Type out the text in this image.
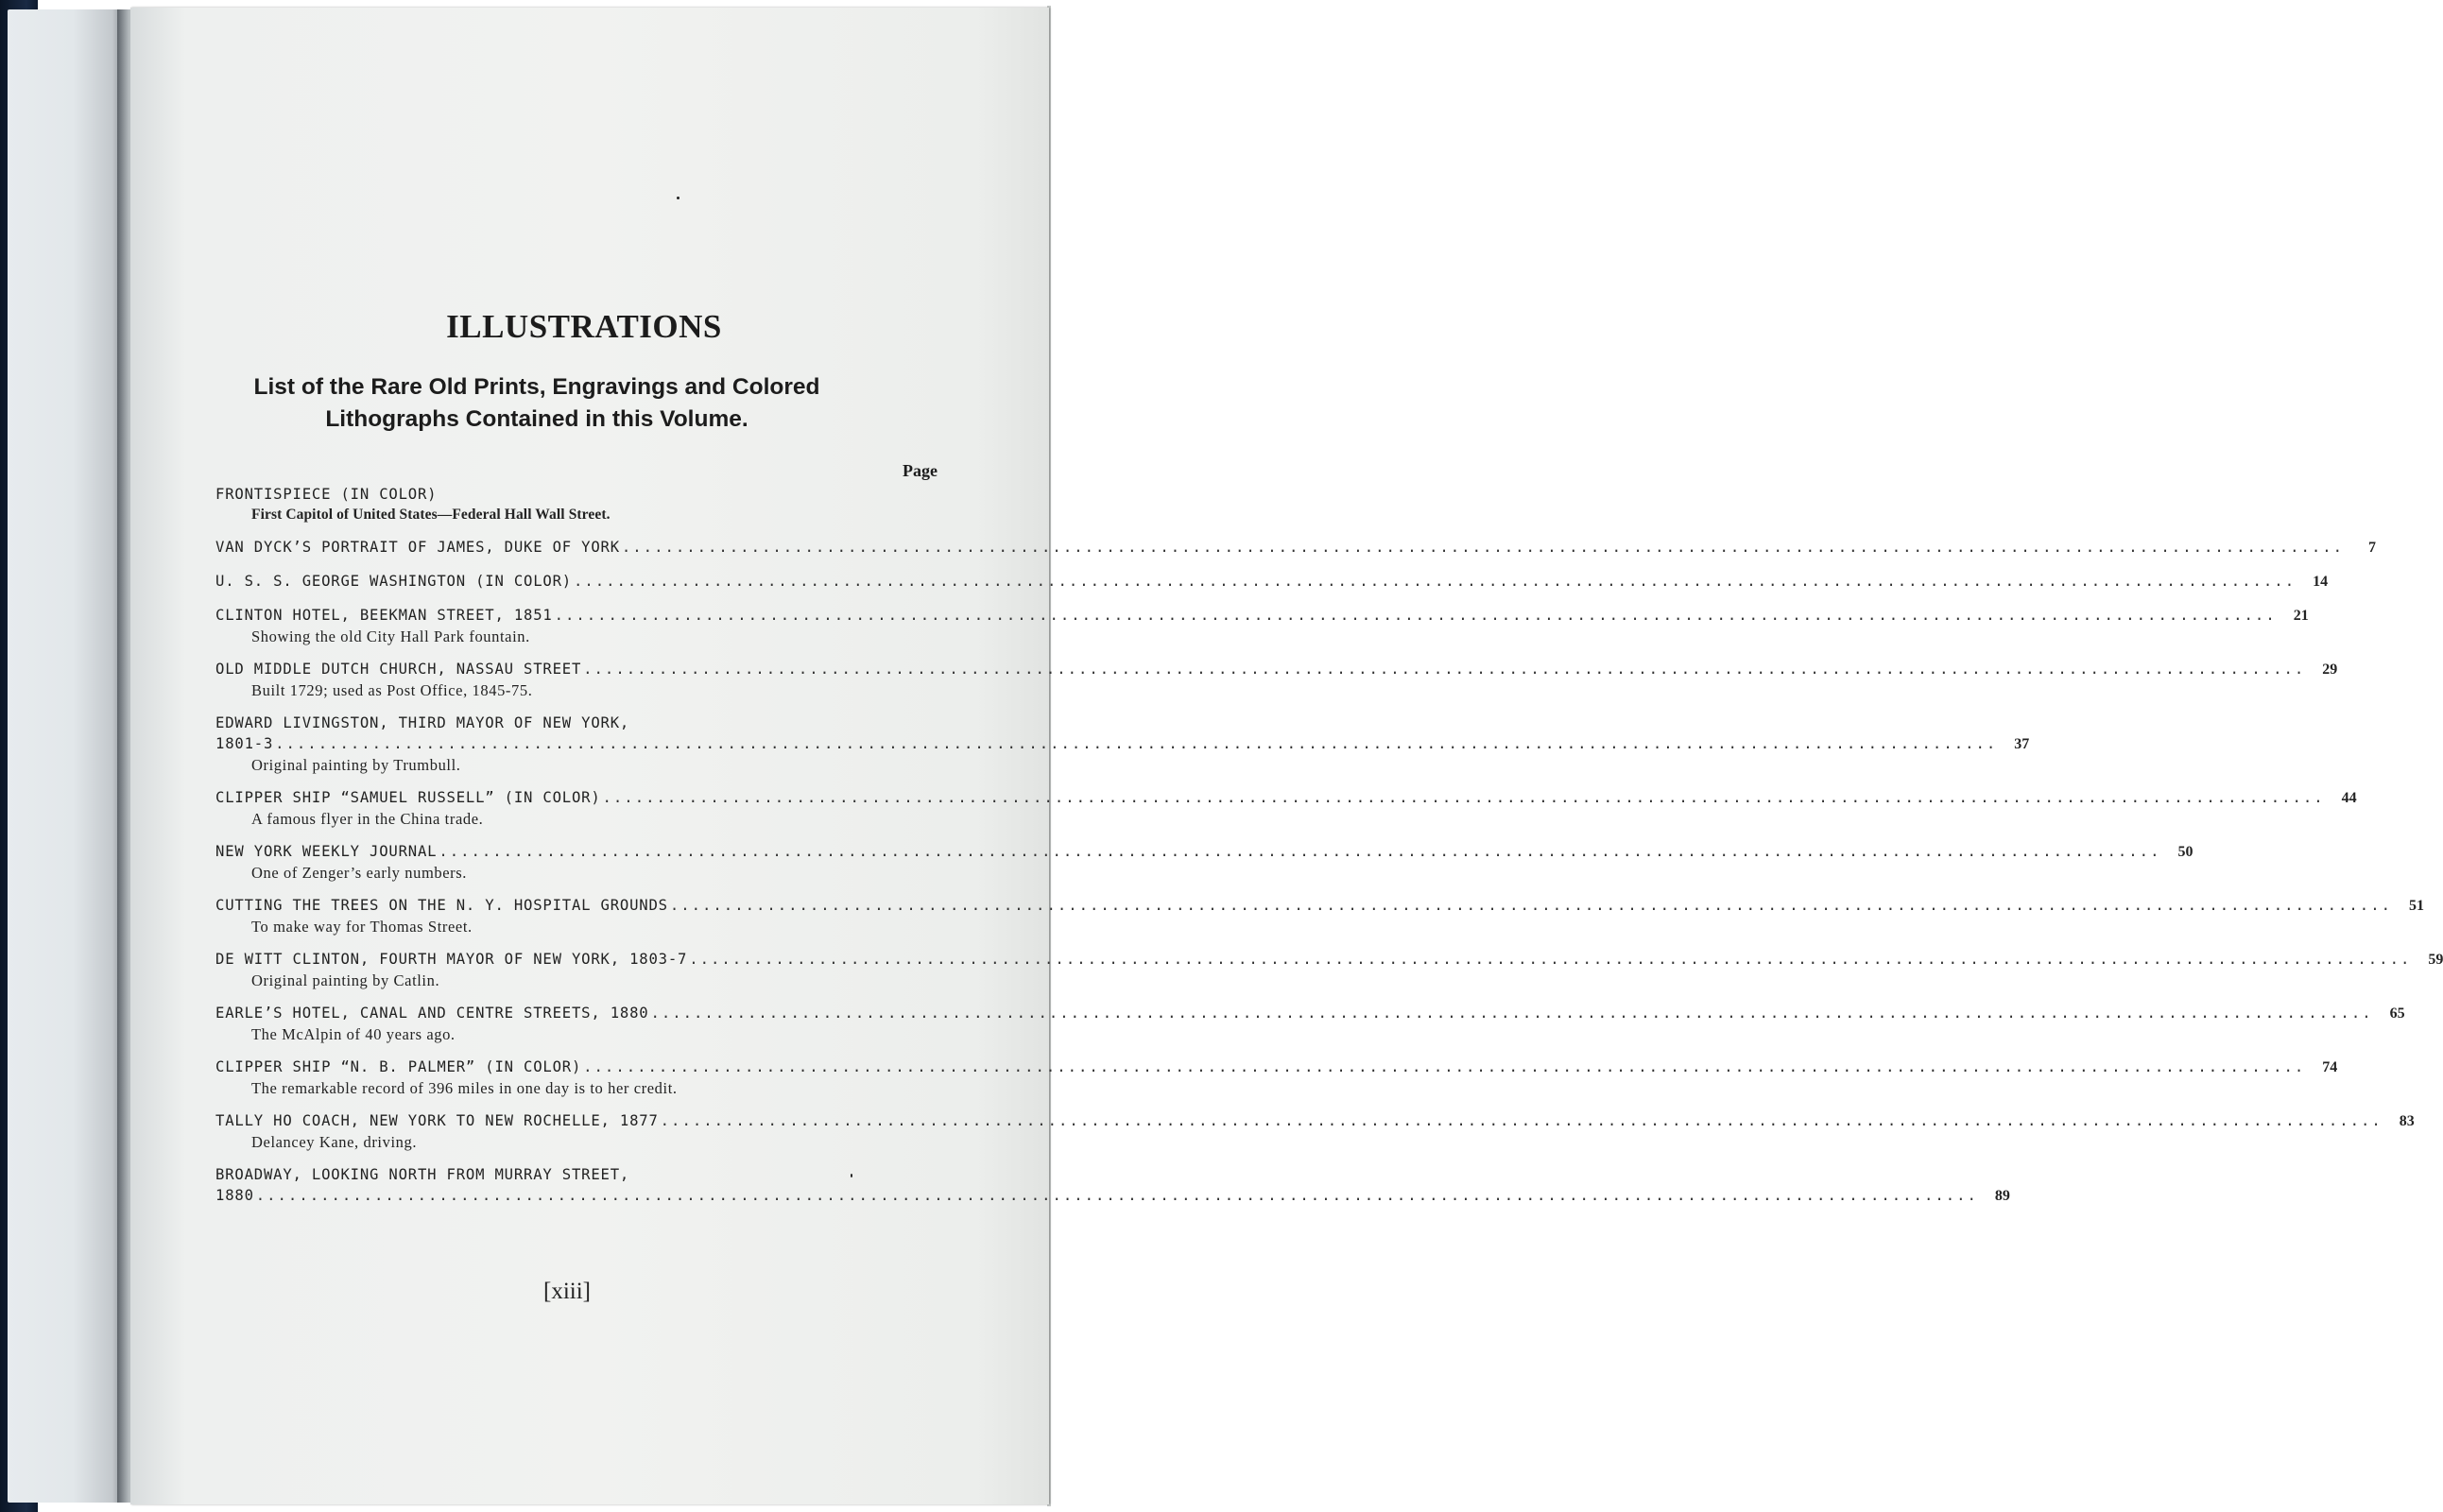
ILLUSTRATIONS
List of the Rare Old Prints, Engravings and Colored
Lithographs Contained in this Volume.
Page
FRONTISPIECE (IN COLOR)
First Capitol of United States—Federal Hall Wall Street.
VAN DYCK’S PORTRAIT OF JAMES, DUKE OF YORK ................................................................................................................................................................	7
U. S. S. GEORGE WASHINGTON (IN COLOR) ................................................................................................................................................................	14
CLINTON HOTEL, BEEKMAN STREET, 1851 ................................................................................................................................................................	21
Showing the old City Hall Park fountain.
OLD MIDDLE DUTCH CHURCH, NASSAU STREET ................................................................................................................................................................	29
Built 1729; used as Post Office, 1845-75.
EDWARD LIVINGSTON, THIRD MAYOR OF NEW YORK,
1801-3 ................................................................................................................................................................	37
Original painting by Trumbull.
CLIPPER SHIP “SAMUEL RUSSELL” (IN COLOR) ................................................................................................................................................................	44
A famous flyer in the China trade.
NEW YORK WEEKLY JOURNAL ................................................................................................................................................................	50
One of Zenger’s early numbers.
CUTTING THE TREES ON THE N. Y. HOSPITAL GROUNDS ................................................................................................................................................................	51
To make way for Thomas Street.
DE WITT CLINTON, FOURTH MAYOR OF NEW YORK, 1803-7 ................................................................................................................................................................	59
Original painting by Catlin.
EARLE’S HOTEL, CANAL AND CENTRE STREETS, 1880 ................................................................................................................................................................	65
The McAlpin of 40 years ago.
CLIPPER SHIP “N. B. PALMER” (IN COLOR) ................................................................................................................................................................	74
The remarkable record of 396 miles in one day is to her credit.
TALLY HO COACH, NEW YORK TO NEW ROCHELLE, 1877 ................................................................................................................................................................	83
Delancey Kane, driving.
BROADWAY, LOOKING NORTH FROM MURRAY STREET,
1880 ................................................................................................................................................................	89
[xiii]
